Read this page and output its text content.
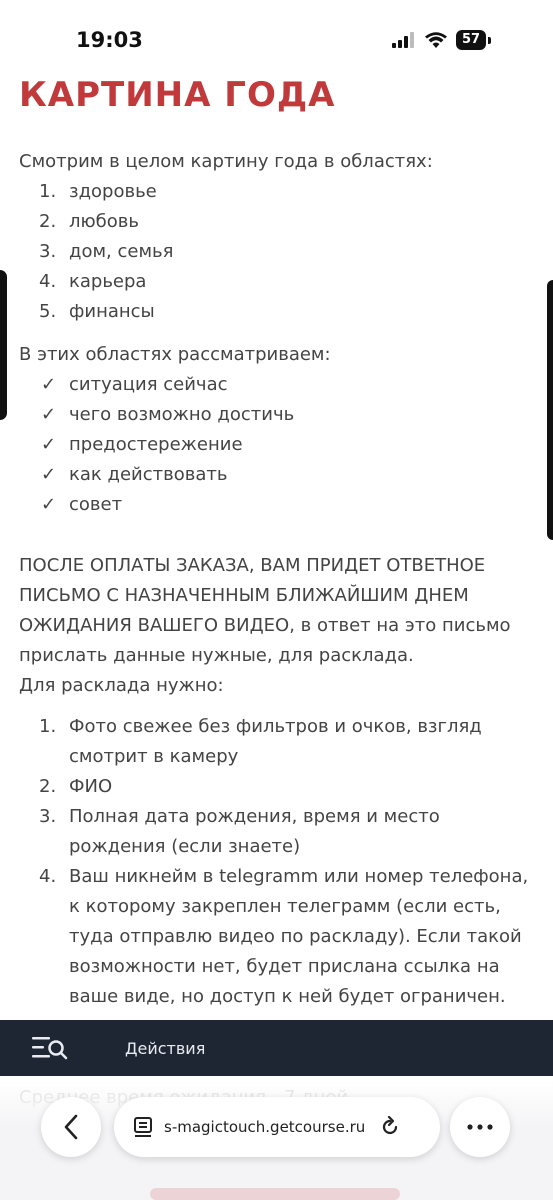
19:03	57
КАРТИНА ГОДА

Смотрим в целом картину года в областях:

1. здоровье
2. любовь
3. дом, семья
4. карьера
5. финансы

В этих областях рассматриваем:

✓ ситуация сейчас
✓ чего возможно достичь
✓ предостережение
✓ как действовать
✓ совет

ПОСЛЕ ОПЛАТЫ ЗАКАЗА, ВАМ ПРИДЕТ ОТВЕТНОЕ ПИСЬМО С НАЗНАЧЕННЫМ БЛИЖАЙШИМ ДНЕМ ОЖИДАНИЯ ВАШЕГО ВИДЕО, в ответ на это письмо прислать данные нужные, для расклада.
Для расклада нужно:

1. Фото свежее без фильтров и очков, взгляд смотрит в камеру
2. ФИО
3. Полная дата рождения, время и место рождения (если знаете)
4. Ваш никнейм в telegramm или номер телефона, к которому закреплен телеграмм (если есть, туда отправлю видео по раскладу). Если такой возможности нет, будет прислана ссылка на ваше виде, но доступ к ней будет ограничен.

Действия
s-magictouch.getcourse.ru
